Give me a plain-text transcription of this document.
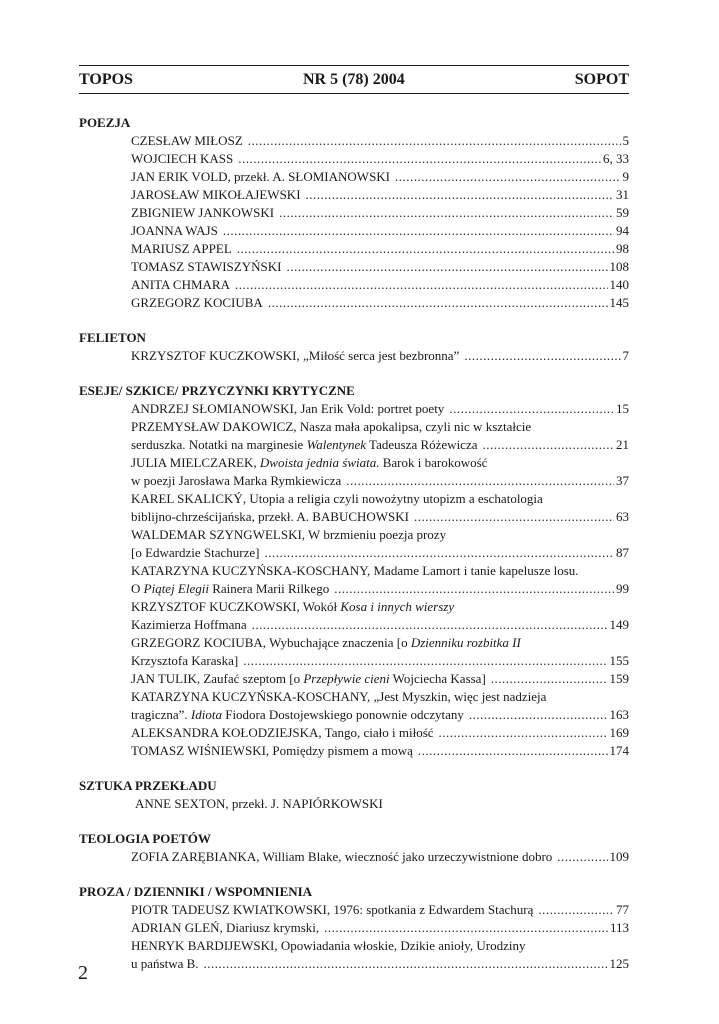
TOPOS	NR 5 (78) 2004	SOPOT
POEZJA
CZESŁAW MIŁOSZ .....	5
WOJCIECH KASS .....	6, 33
JAN ERIK VOLD, przekł. A. SŁOMIANOWSKI .....	9
JAROSŁAW MIKOŁAJEWSKI .....	31
ZBIGNIEW JANKOWSKI .....	59
JOANNA WAJS .....	94
MARIUSZ APPEL .....	98
TOMASZ STAWISZYŃSKI .....	108
ANITA CHMARA .....	140
GRZEGORZ KOCIUBA .....	145
FELIETON
KRZYSZTOF KUCZKOWSKI, „Miłość serca jest bezbronna” .....	7
ESEJE/ SZKICE/ PRZYCZYNKI KRYTYCZNE
ANDRZEJ SŁOMIANOWSKI, Jan Erik Vold: portret poety .....	15
PRZEMYSŁAW DAKOWICZ, Nasza mała apokalipsa, czyli nic w kształcie
serduszka. Notatki na marginesie Walentynek Tadeusza Różewicza .....	21
JULIA MIELCZAREK, Dwoista jednia świata. Barok i barokowość
w poezji Jarosława Marka Rymkiewicza .....	37
KAREL SKALICKÝ, Utopia a religia czyli nowożytny utopizm a eschatologia
biblijno-chrześcijańska, przekł. A. BABUCHOWSKI .....	63
WALDEMAR SZYNGWELSKI, W brzmieniu poezja prozy
[o Edwardzie Stachurze] .....	87
KATARZYNA KUCZYŃSKA-KOSCHANY, Madame Lamort i tanie kapelusze losu.
O Piątej Elegii Rainera Marii Rilkego .....	99
KRZYSZTOF KUCZKOWSKI, Wokół Kosa i innych wierszy
Kazimierza Hoffmana .....	149
GRZEGORZ KOCIUBA, Wybuchające znaczenia [o Dzienniku rozbitka II
Krzysztofa Karaska] .....	155
JAN TULIK, Zaufać szeptom [o Przepływie cieni Wojciecha Kassa] .....	159
KATARZYNA KUCZYŃSKA-KOSCHANY, „Jest Myszkin, więc jest nadzieja
tragiczna”. Idiota Fiodora Dostojewskiego ponownie odczytany .....	163
ALEKSANDRA KOŁODZIEJSKA, Tango, ciało i miłość .....	169
TOMASZ WIŚNIEWSKI, Pomiędzy pismem a mową .....	174
SZTUKA PRZEKŁADU
ANNE SEXTON, przekł. J. NAPIÓRKOWSKI
TEOLOGIA POETÓW
ZOFIA ZARĘBIANKA, William Blake, wieczność jako urzeczywistnione dobro .....	109
PROZA / DZIENNIKI / WSPOMNIENIA
PIOTR TADEUSZ KWIATKOWSKI, 1976: spotkania z Edwardem Stachurą .....	77
ADRIAN GLEŃ, Diariusz krymski, .....	113
HENRYK BARDIJEWSKI, Opowiadania włoskie, Dzikie anioły, Urodziny
u państwa B. .....	125
2
